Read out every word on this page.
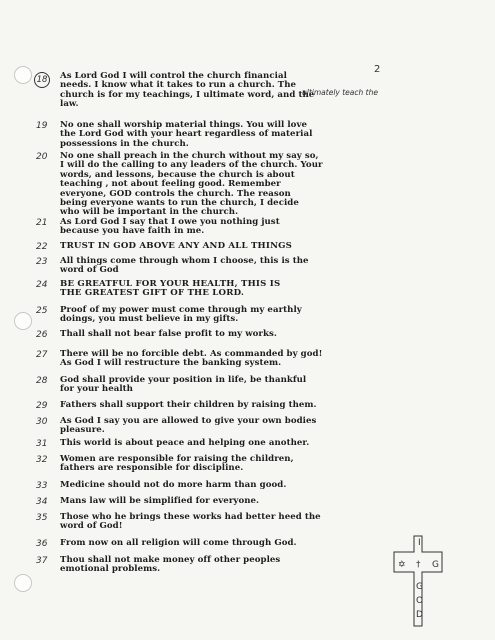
2
ultimately teach the
18	As Lord God I will control the church financial
needs. I know what it takes to run a church. The
church is for my teachings, I ultimate word, and the
law.
19	No one shall worship material things. You will love
the Lord God with your heart regardless of material
possessions in the church.
20	No one shall preach in the church without my say so,
I will do the calling to any leaders of the church. Your
words, and lessons, because the church is about
teaching , not about feeling good. Remember
everyone, GOD controls the church. The reason
being everyone wants to run the church, I decide
who will be important in the church.
21	As Lord God I say that I owe you nothing just
because you have faith in me.
22	TRUST IN GOD ABOVE ANY AND ALL THINGS
23	All things come through whom I choose, this is the
word of God
24	BE GREATFUL FOR YOUR HEALTH, THIS IS
THE GREATEST GIFT OF THE LORD.
25	Proof of my power must come through my earthly
doings, you must believe in my gifts.
26	Thall shall not bear false profit to my works.
27	There will be no forcible debt. As commanded by god!
As God I will restructure the banking system.
28	God shall provide your position in life, be thankful
for your health
29	Fathers shall support their children by raising them.
30	As God I say you are allowed to give your own bodies
pleasure.
31	This world is about peace and helping one another.
32	Women are responsible for raising the children,
fathers are responsible for discipline.
33	Medicine should not do more harm than good.
34	Mans law will be simplified for everyone.
35	Those who he brings these works had better heed the
word of God!
36	From now on all religion will come through God.
37	Thou shall not make money off other peoples
emotional problems.
I
✡ † G
G
O
D
